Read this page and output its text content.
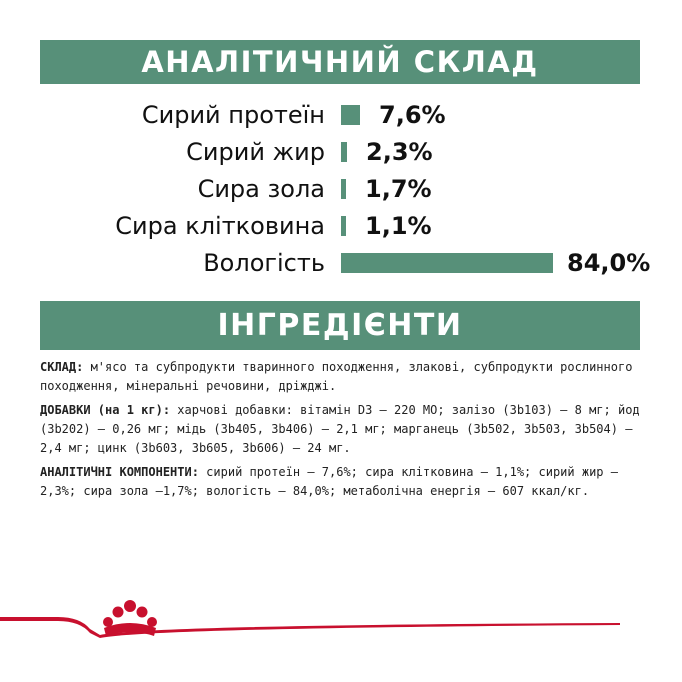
АНАЛІТИЧНИЙ СКЛАД
Сирий протеїн 7,6%
Сирий жир 2,3%
Сира зола 1,7%
Сира клітковина 1,1%
Вологість	84,0%
ІНГРЕДІЄНТИ

СКЛАД: м'ясо та субпродукти тваринного походження, злакові, субпродукти рослинного походження, мінеральні речовини, дріжджі.

ДОБАВКИ (на 1 кг): харчові добавки: вітамін D3 – 220 МО; залізо (3b103) – 8 мг; йод (3b202) – 0,26 мг; мідь (3b405, 3b406) – 2,1 мг; марганець (3b502, 3b503, 3b504) – 2,4 мг; цинк (3b603, 3b605, 3b606) – 24 мг.

АНАЛІТИЧНІ КОМПОНЕНТИ: сирий протеїн – 7,6%; сира клітковина – 1,1%; сирий жир – 2,3%; сира зола –1,7%; вологість – 84,0%; метаболічна енергія – 607 ккал/кг.
